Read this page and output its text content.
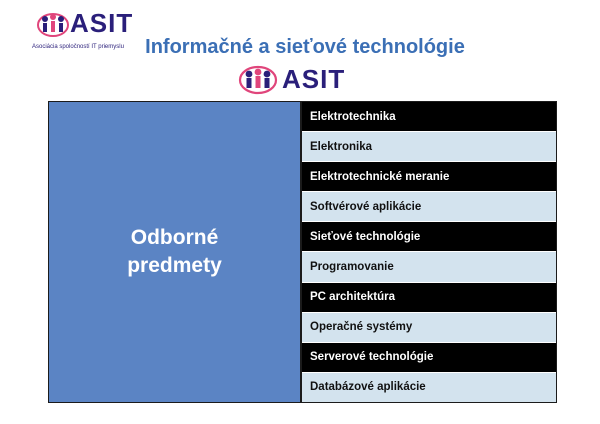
ASIT
Asociácia spoločností IT priemyslu	Informačné a sieťové technológie
ASIT
Odborné predmety
Elektrotechnika
Elektronika
Elektrotechnické meranie
Softvérové aplikácie
Sieťové technológie
Programovanie
PC architektúra
Operačné systémy
Serverové technológie
Databázové aplikácie
